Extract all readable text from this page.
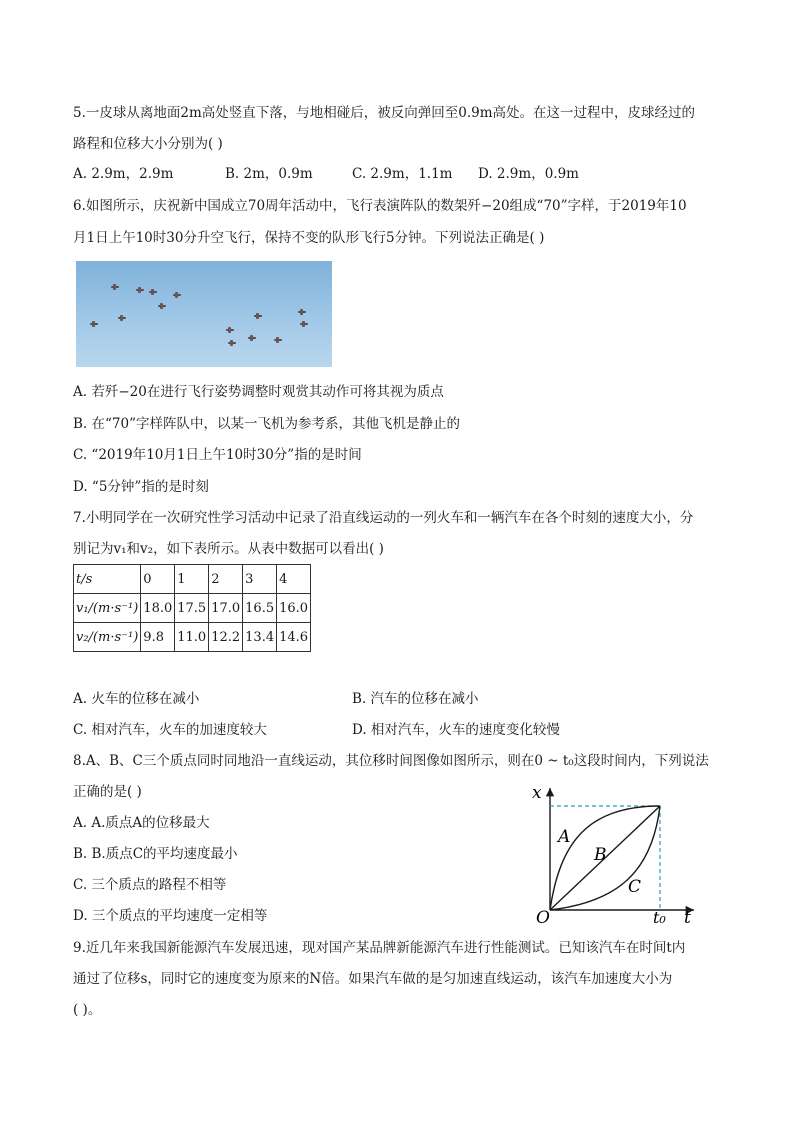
5.一皮球从离地面2m高处竖直下落，与地相碰后，被反向弹回至0.9m高处。在这一过程中，皮球经过的
路程和位移大小分别为( )
A. 2.9m，2.9m	B. 2m，0.9m	C. 2.9m，1.1m D. 2.9m，0.9m
6.如图所示，庆祝新中国成立70周年活动中，飞行表演阵队的数架歼−20组成“70”字样，于2019年10
月1日上午10时30分升空飞行，保持不变的队形飞行5分钟。下列说法正确是( )
A. 若歼−20在进行飞行姿势调整时观赏其动作可将其视为质点
B. 在“70”字样阵队中，以某一飞机为参考系，其他飞机是静止的
C. “2019年10月1日上午10时30分”指的是时间
D. “5分钟”指的是时刻
7.小明同学在一次研究性学习活动中记录了沿直线运动的一列火车和一辆汽车在各个时刻的速度大小，分
别记为v₁和v₂，如下表所示。从表中数据可以看出( )
t/s	0	1	2	3	4
v₁/(m·s⁻¹)	18.0	17.5	17.0	16.5	16.0
v₂/(m·s⁻¹)	9.8	11.0	12.2	13.4	14.6
A. 火车的位移在减小	B. 汽车的位移在减小
C. 相对汽车，火车的加速度较大	D. 相对汽车，火车的速度变化较慢
8.A、B、C三个质点同时同地沿一直线运动，其位移时间图像如图所示，则在0 ~ t₀这段时间内，下列说法
正确的是( )
A. A.质点A的位移最大
B. B.质点C的平均速度最小
C. 三个质点的路程不相等
D. 三个质点的平均速度一定相等
x
t
O	t₀
A
B
C
9.近几年来我国新能源汽车发展迅速，现对国产某品牌新能源汽车进行性能测试。已知该汽车在时间t内
通过了位移s，同时它的速度变为原来的N倍。如果汽车做的是匀加速直线运动，该汽车加速度大小为
( )。
